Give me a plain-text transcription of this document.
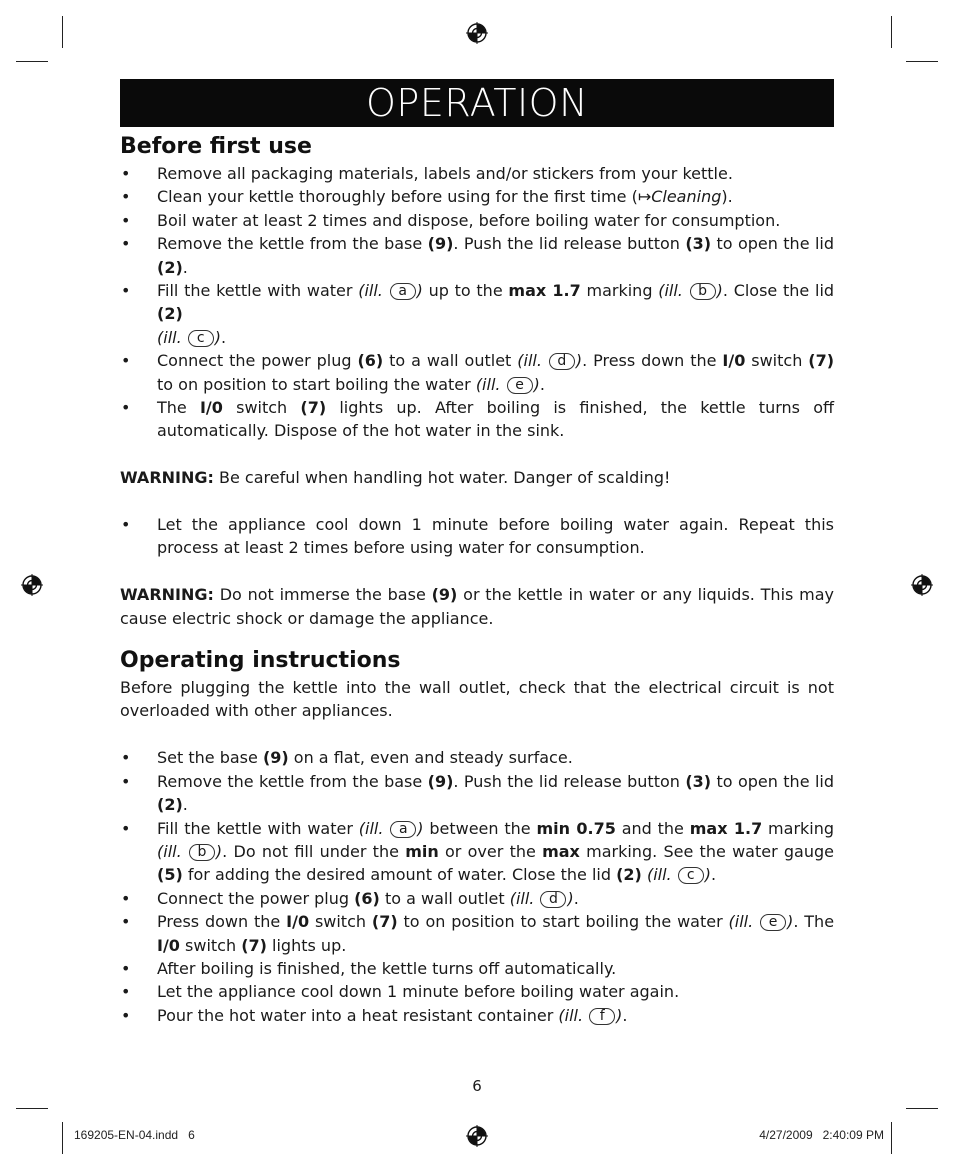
OPERATION
Before first use
• Remove all packaging materials, labels and/or stickers from your kettle.
• Clean your kettle thoroughly before using for the first time (↦Cleaning).
• Boil water at least 2 times and dispose, before boiling water for consumption.
• Remove the kettle from the base (9). Push the lid release button (3) to open the lid (2).
• Fill the kettle with water (ill. a ) up to the max 1.7 marking (ill. b ). Close the lid (2)
(ill. c ).
• Connect the power plug (6) to a wall outlet (ill. d ). Press down the I/0 switch (7) to on position to start boiling the water (ill. e ).
• The I/0 switch (7) lights up. After boiling is finished, the kettle turns off automatically. Dispose of the hot water in the sink.

WARNING: Be careful when handling hot water. Danger of scalding!

• Let the appliance cool down 1 minute before boiling water again. Repeat this process at least 2 times before using water for consumption.

WARNING: Do not immerse the base (9) or the kettle in water or any liquids. This may cause electric shock or damage the appliance.

Operating instructions

Before plugging the kettle into the wall outlet, check that the electrical circuit is not overloaded with other appliances.

• Set the base (9) on a flat, even and steady surface.
• Remove the kettle from the base (9). Push the lid release button (3) to open the lid (2).
• Fill the kettle with water (ill. a ) between the min 0.75 and the max 1.7 marking (ill. b ). Do not fill under the min or over the max marking. See the water gauge (5) for adding the desired amount of water. Close the lid (2) (ill. c ).
• Connect the power plug (6) to a wall outlet (ill. d ).
• Press down the I/0 switch (7) to on position to start boiling the water (ill. e ). The I/0 switch (7) lights up.
• After boiling is finished, the kettle turns off automatically.
• Let the appliance cool down 1 minute before boiling water again.
• Pour the hot water into a heat resistant container (ill. f ).
6
169205-EN-04.indd   6	4/27/2009   2:40:09 PM
